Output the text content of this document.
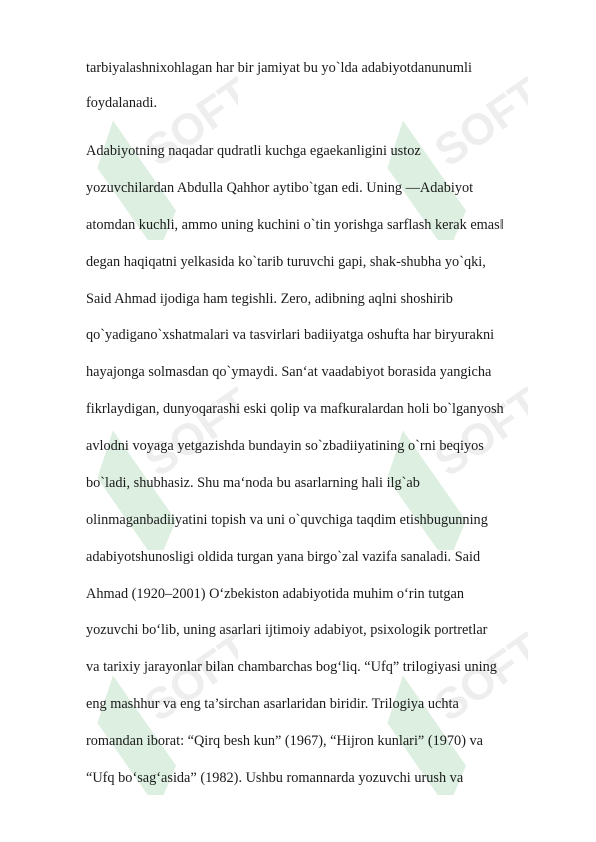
SOFT	SOFT
SOFT	SOFT
SOFT	SOFT
tarbiyalashnixohlagan har bir jamiyat bu yo`lda adabiyotdanunumli
foydalanadi.
Adabiyotning naqadar qudratli kuchga egaekanligini ustoz
yozuvchilardan Abdulla Qahhor aytibo`tgan edi. Uning —Adabiyot
atomdan kuchli, ammo uning kuchini o`tin yorishga sarflash kerak emas‖
degan haqiqatni yelkasida ko`tarib turuvchi gapi, shak-shubha yo`qki,
Said Ahmad ijodiga ham tegishli. Zero, adibning aqlni shoshirib
qo`yadigano`xshatmalari va tasvirlari badiiyatga oshufta har biryurakni
hayajonga solmasdan qo`ymaydi. San‘at vaadabiyot borasida yangicha
fikrlaydigan, dunyoqarashi eski qolip va mafkuralardan holi bo`lganyosh
avlodni voyaga yetgazishda bundayin so`zbadiiyatining o`rni beqiyos
bo`ladi, shubhasiz. Shu ma‘noda bu asarlarning hali ilg`ab
olinmaganbadiiyatini topish va uni o`quvchiga taqdim etishbugunning
adabiyotshunosligi oldida turgan yana birgo`zal vazifa sanaladi. Said
Ahmad (1920–2001) O‘zbekiston adabiyotida muhim o‘rin tutgan
yozuvchi bo‘lib, uning asarlari ijtimoiy adabiyot, psixologik portretlar
va tarixiy jarayonlar bilan chambarchas bog‘liq. “Ufq” trilogiyasi uning
eng mashhur va eng ta’sirchan asarlaridan biridir. Trilogiya uchta
romandan iborat: “Qirq besh kun” (1967), “Hijron kunlari” (1970) va
“Ufq bo‘sag‘asida” (1982). Ushbu romannarda yozuvchi urush va
